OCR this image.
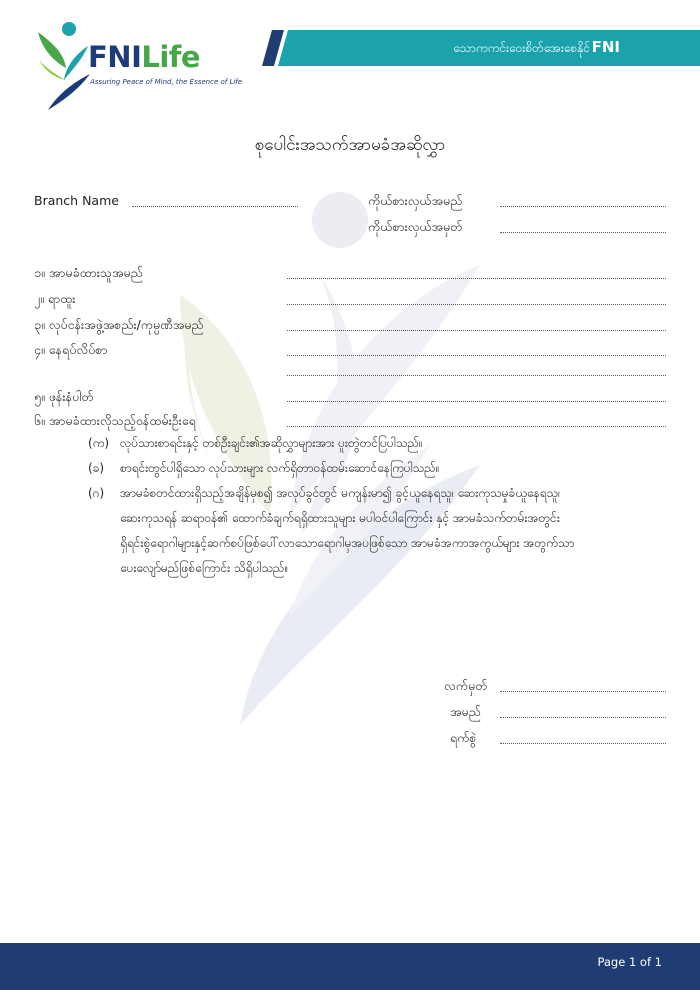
FNILife
Assuring Peace of Mind, the Essence of Life
သောကကင်းဝေးစိတ်အေးစေနိုင် FNI
စုပေါင်းအသက်အာမခံအဆိုလွှာ
Branch Name	ကိုယ်စားလှယ်အမည်
ကိုယ်စားလှယ်အမှတ်
၁။ အာမခံထားသူအမည်
၂။ ရာထူး
၃။ လုပ်ငန်းအဖွဲ့အစည်း/ကုမ္ပဏီအမည်
၄။ နေရပ်လိပ်စာ
၅။ ဖုန်းနံပါတ်
၆။ အာမခံထားလိုသည့်ဝန်ထမ်းဦးရေ
(က) လုပ်သားစာရင်းနှင့် တစ်ဦးချင်း၏အဆိုလွှာများအား ပူးတွဲတင်ပြပါသည်။
(ခ) စာရင်းတွင်ပါရှိသော လုပ်သားများ လက်ရှိတာဝန်ထမ်းဆောင်နေကြပါသည်။
(ဂ) အာမခံစတင်ထားရှိသည့်အချိန်မှစ၍ အလုပ်ခွင်တွင် မကျန်းမာ၍ ခွင့်ယူနေရသူ၊ ဆေးကုသမှုခံယူနေရသူ၊
ဆေးကုသရန် ဆရာဝန်၏ ထောက်ခံချက်ရရှိထားသူများ မပါဝင်ပါကြောင်း နှင့် အာမခံသက်တမ်းအတွင်း
ရှိရင်းစွဲရောဂါများနှင့်ဆက်စပ်ဖြစ်ပေါ်လာသောရောဂါမှအပဖြစ်သော အာမခံအကာအကွယ်များ အတွက်သာ
ပေးလျော်မည်ဖြစ်ကြောင်း သိရှိပါသည်။
လက်မှတ်
အမည်
ရက်စွဲ
Page 1 of 1
